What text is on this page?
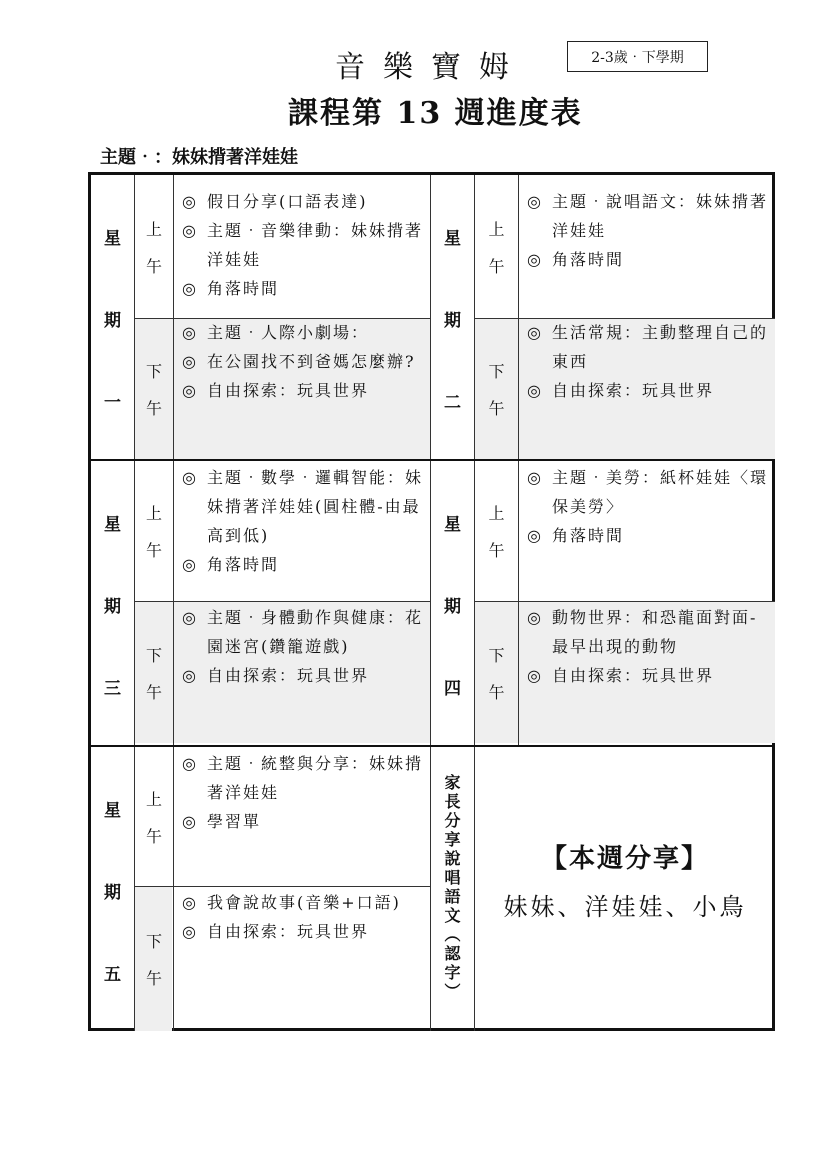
音樂寶姆	2-3歲‧下學期
課程第 13 週進度表
主題‧：妹妹揹著洋娃娃
星
期
一
上
午
下
午
◎ 假日分享(口語表達)
◎ 主題‧音樂律動：妹妹揹著洋娃娃
◎ 角落時間
◎ 主題‧人際小劇場：
◎ 在公園找不到爸媽怎麼辦?
◎ 自由探索：玩具世界
星
期
二
上
午
下
午
◎ 主題‧說唱語文：妹妹揹著洋娃娃
◎ 角落時間
◎ 生活常規：主動整理自己的東西
◎ 自由探索：玩具世界
星
期
三
上
午
下
午
◎ 主題‧數學‧邏輯智能：妹妹揹著洋娃娃(圓柱體-由最高到低)
◎ 角落時間
◎ 主題‧身體動作與健康：花園迷宮(鑽籠遊戲)
◎ 自由探索：玩具世界
星
期
四
上
午
下
午
◎ 主題‧美勞：紙杯娃娃〈環保美勞〉
◎ 角落時間
◎ 動物世界：和恐龍面對面-最早出現的動物
◎ 自由探索：玩具世界
星
期
五
上
午
下
午
◎ 主題‧統整與分享：妹妹揹著洋娃娃
◎ 學習單
◎ 我會說故事(音樂+口語)
◎ 自由探索：玩具世界
家
長
分
享
說
唱
語
文
︵
認
字
︶
【本週分享】
妹妹、洋娃娃、小鳥
